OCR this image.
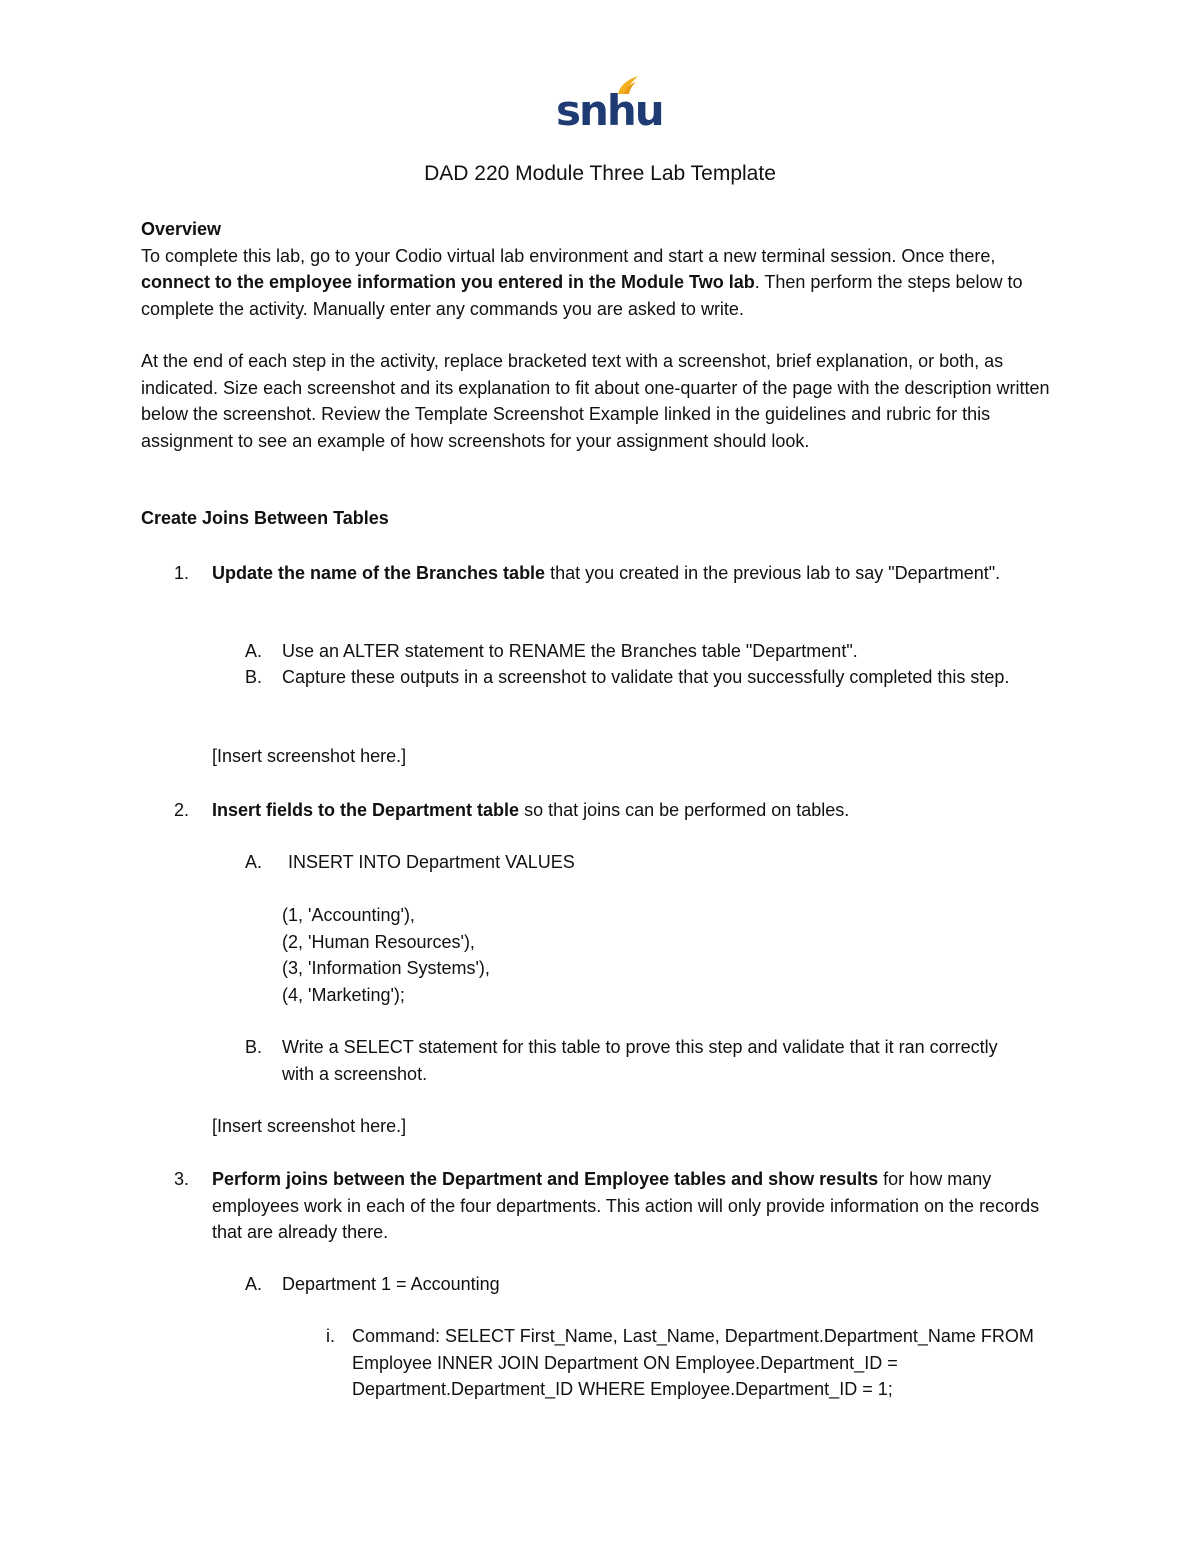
snhu
DAD 220 Module Three Lab Template

Overview

To complete this lab, go to your Codio virtual lab environment and start a new terminal session. Once there, connect to the employee information you entered in the Module Two lab. Then perform the steps below to complete the activity. Manually enter any commands you are asked to write.

At the end of each step in the activity, replace bracketed text with a screenshot, brief explanation, or both, as indicated. Size each screenshot and its explanation to fit about one-quarter of the page with the description written below the screenshot. Review the Template Screenshot Example linked in the guidelines and rubric for this assignment to see an example of how screenshots for your assignment should look.

Create Joins Between Tables
1. Update the name of the Branches table that you created in the previous lab to say "Department".
A. Use an ALTER statement to RENAME the Branches table "Department".
B. Capture these outputs in a screenshot to validate that you successfully completed this step.
[Insert screenshot here.]
2. Insert fields to the Department table so that joins can be performed on tables.
A. INSERT INTO Department VALUES

(1, 'Accounting'),

(2, 'Human Resources'),

(3, 'Information Systems'),

(4, 'Marketing');

B. Write a SELECT statement for this table to prove this step and validate that it ran correctly with a screenshot.
[Insert screenshot here.]
3. Perform joins between the Department and Employee tables and show results for how many employees work in each of the four departments. This action will only provide information on the records that are already there.
A. Department 1 = Accounting
i. Command: SELECT First_Name, Last_Name, Department.Department_Name FROM Employee INNER JOIN Department ON Employee.Department_ID = Department.Department_ID WHERE Employee.Department_ID = 1;
